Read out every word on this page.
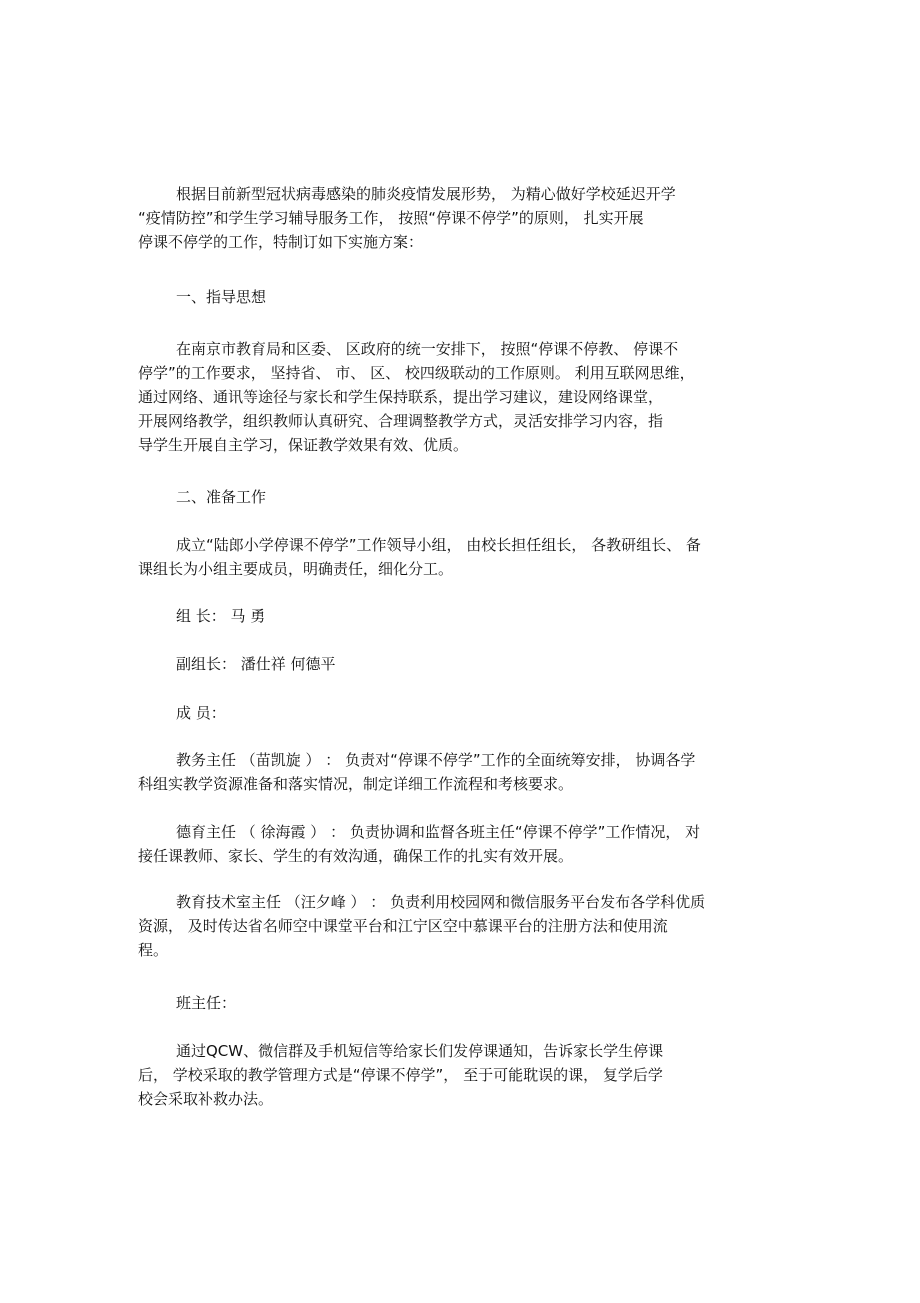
根据目前新型冠状病毒感染的肺炎疫情发展形势， 为精心做好学校延迟开学
“疫情防控”和学生学习辅导服务工作， 按照“停课不停学”的原则， 扎实开展
停课不停学的工作，特制订如下实施方案：
一、指导思想
在南京市教育局和区委、 区政府的统一安排下， 按照“停课不停教、 停课不
停学”的工作要求， 坚持省、 市、 区、 校四级联动的工作原则。 利用互联网思维，
通过网络、通讯等途径与家长和学生保持联系，提出学习建议，建设网络课堂，
开展网络教学，组织教师认真研究、合理调整教学方式，灵活安排学习内容，指
导学生开展自主学习，保证教学效果有效、优质。
二、准备工作
成立“陆郎小学停课不停学”工作领导小组， 由校长担任组长， 各教研组长、 备
课组长为小组主要成员，明确责任，细化分工。
组 长： 马 勇
副组长： 潘仕祥 何德平
成 员：
教务主任 （苗凯旋 ） ： 负责对“停课不停学”工作的全面统筹安排， 协调各学
科组实教学资源准备和落实情况，制定详细工作流程和考核要求。
德育主任 （ 徐海霞 ） ： 负责协调和监督各班主任“停课不停学”工作情况， 对
接任课教师、家长、学生的有效沟通，确保工作的扎实有效开展。
教育技术室主任 （汪夕峰 ） ： 负责利用校园网和微信服务平台发布各学科优质
资源， 及时传达省名师空中课堂平台和江宁区空中慕课平台的注册方法和使用流
程。
班主任：
通过QCW、微信群及手机短信等给家长们发停课通知，告诉家长学生停课
后， 学校采取的教学管理方式是“停课不停学”， 至于可能耽误的课， 复学后学
校会采取补救办法。
